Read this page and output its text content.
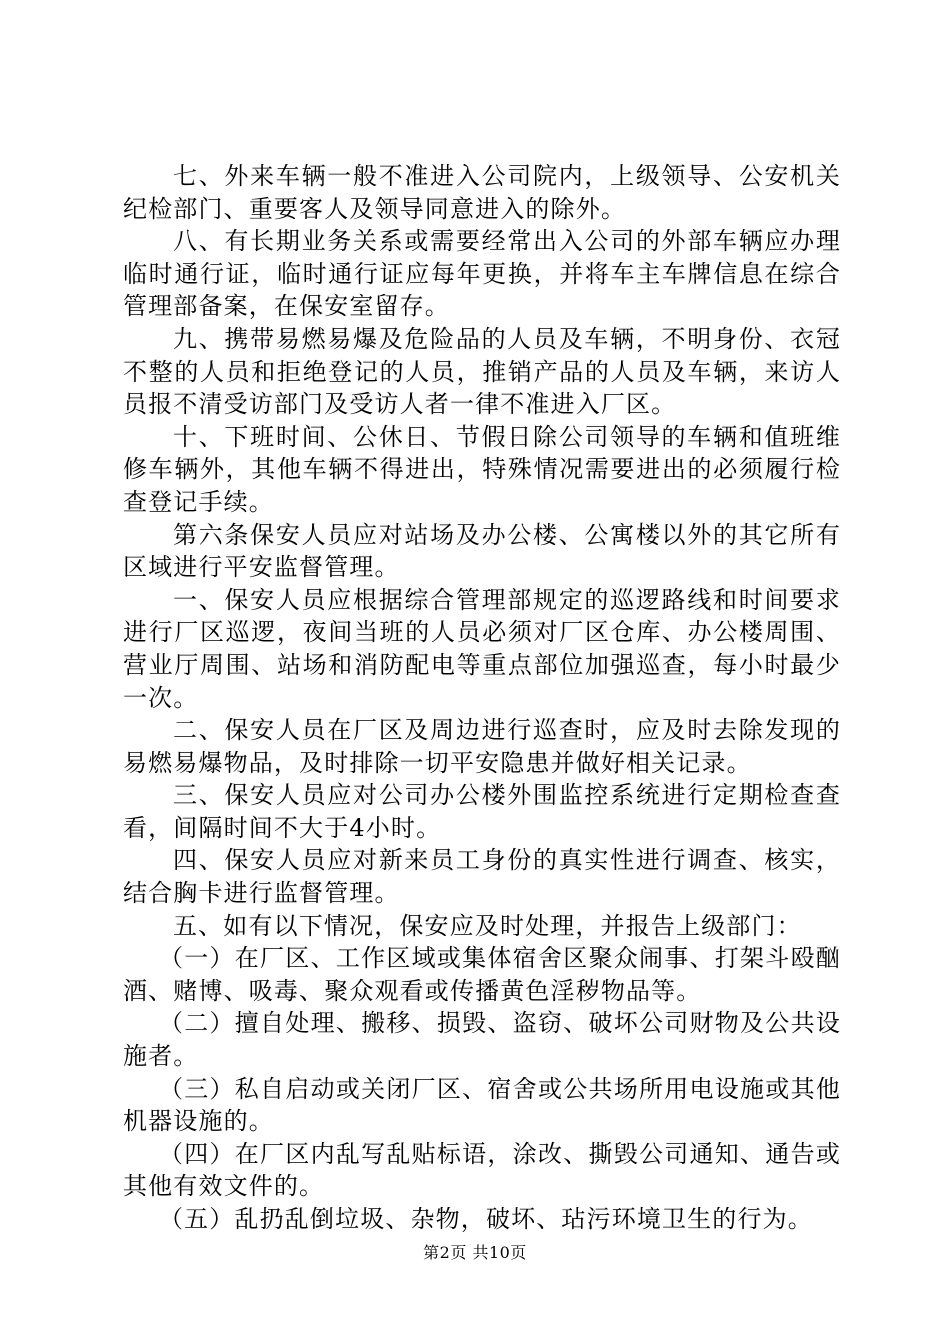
七、外来车辆一般不准进入公司院内，上级领导、公安机关纪检部门、重要客人及领导同意进入的除外。

八、有长期业务关系或需要经常出入公司的外部车辆应办理临时通行证，临时通行证应每年更换，并将车主车牌信息在综合管理部备案，在保安室留存。

九、携带易燃易爆及危险品的人员及车辆，不明身份、衣冠不整的人员和拒绝登记的人员，推销产品的人员及车辆，来访人员报不清受访部门及受访人者一律不准进入厂区。

十、下班时间、公休日、节假日除公司领导的车辆和值班维修车辆外，其他车辆不得进出，特殊情况需要进出的必须履行检查登记手续。

第六条保安人员应对站场及办公楼、公寓楼以外的其它所有区域进行平安监督管理。

一、保安人员应根据综合管理部规定的巡逻路线和时间要求进行厂区巡逻，夜间当班的人员必须对厂区仓库、办公楼周围、营业厅周围、站场和消防配电等重点部位加强巡查，每小时最少一次。

二、保安人员在厂区及周边进行巡查时，应及时去除发现的易燃易爆物品，及时排除一切平安隐患并做好相关记录。

三、保安人员应对公司办公楼外围监控系统进行定期检查查看，间隔时间不大于4小时。

四、保安人员应对新来员工身份的真实性进行调查、核实，结合胸卡进行监督管理。

五、如有以下情况，保安应及时处理，并报告上级部门：

（一）在厂区、工作区域或集体宿舍区聚众闹事、打架斗殴酗酒、赌博、吸毒、聚众观看或传播黄色淫秽物品等。

（二）擅自处理、搬移、损毁、盗窃、破坏公司财物及公共设施者。

（三）私自启动或关闭厂区、宿舍或公共场所用电设施或其他机器设施的。

（四）在厂区内乱写乱贴标语，涂改、撕毁公司通知、通告或其他有效文件的。

（五）乱扔乱倒垃圾、杂物，破坏、玷污环境卫生的行为。

第2页 共10页
